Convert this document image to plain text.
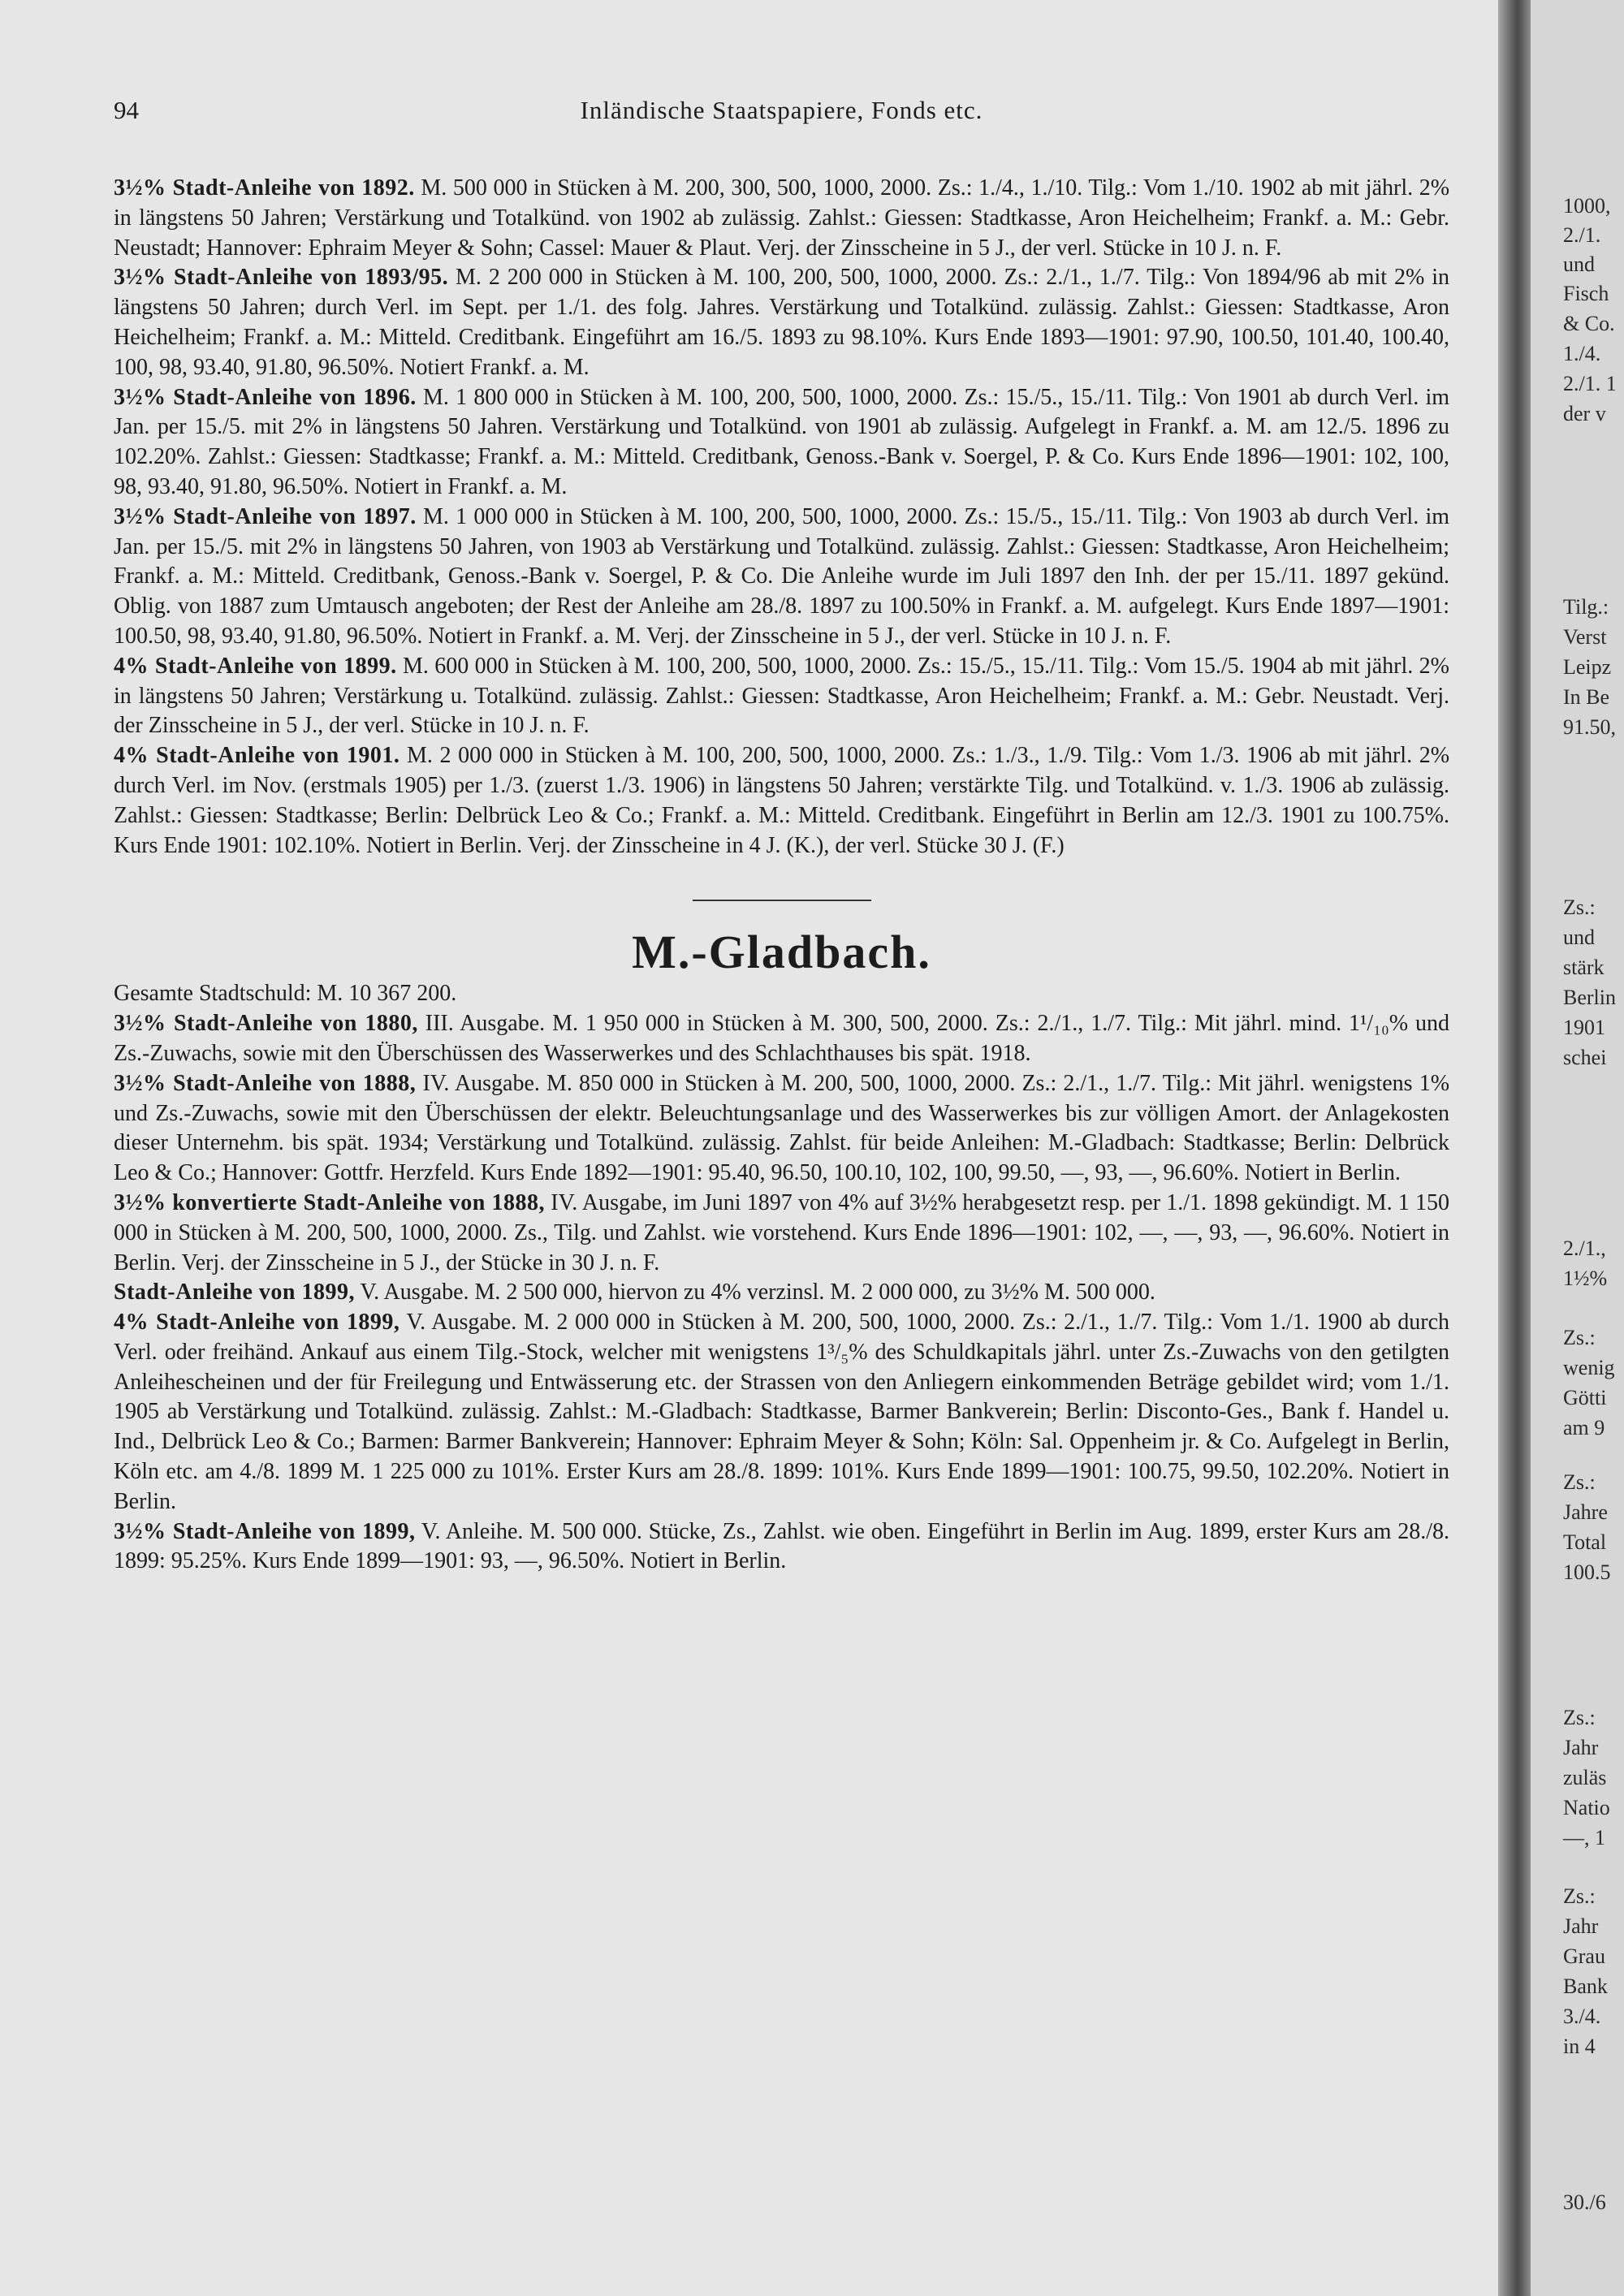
94	Inländische Staatspapiere, Fonds etc.

3½% Stadt-Anleihe von 1892. M. 500 000 in Stücken à M. 200, 300, 500, 1000, 2000. Zs.: 1./4., 1./10. Tilg.: Vom 1./10. 1902 ab mit jährl. 2% in längstens 50 Jahren; Verstärkung und Totalkünd. von 1902 ab zulässig. Zahlst.: Giessen: Stadtkasse, Aron Heichelheim; Frankf. a. M.: Gebr. Neustadt; Hannover: Ephraim Meyer & Sohn; Cassel: Mauer & Plaut. Verj. der Zinsscheine in 5 J., der verl. Stücke in 10 J. n. F.

3½% Stadt-Anleihe von 1893/95. M. 2 200 000 in Stücken à M. 100, 200, 500, 1000, 2000. Zs.: 2./1., 1./7. Tilg.: Von 1894/96 ab mit 2% in längstens 50 Jahren; durch Verl. im Sept. per 1./1. des folg. Jahres. Verstärkung und Totalkünd. zulässig. Zahlst.: Giessen: Stadtkasse, Aron Heichelheim; Frankf. a. M.: Mitteld. Creditbank. Eingeführt am 16./5. 1893 zu 98.10%. Kurs Ende 1893—1901: 97.90, 100.50, 101.40, 100.40, 100, 98, 93.40, 91.80, 96.50%. Notiert Frankf. a. M.

3½% Stadt-Anleihe von 1896. M. 1 800 000 in Stücken à M. 100, 200, 500, 1000, 2000. Zs.: 15./5., 15./11. Tilg.: Von 1901 ab durch Verl. im Jan. per 15./5. mit 2% in längstens 50 Jahren. Verstärkung und Totalkünd. von 1901 ab zulässig. Aufgelegt in Frankf. a. M. am 12./5. 1896 zu 102.20%. Zahlst.: Giessen: Stadtkasse; Frankf. a. M.: Mitteld. Creditbank, Genoss.-Bank v. Soergel, P. & Co. Kurs Ende 1896—1901: 102, 100, 98, 93.40, 91.80, 96.50%. Notiert in Frankf. a. M.

3½% Stadt-Anleihe von 1897. M. 1 000 000 in Stücken à M. 100, 200, 500, 1000, 2000. Zs.: 15./5., 15./11. Tilg.: Von 1903 ab durch Verl. im Jan. per 15./5. mit 2% in längstens 50 Jahren, von 1903 ab Verstärkung und Totalkünd. zulässig. Zahlst.: Giessen: Stadtkasse, Aron Heichelheim; Frankf. a. M.: Mitteld. Creditbank, Genoss.-Bank v. Soergel, P. & Co. Die Anleihe wurde im Juli 1897 den Inh. der per 15./11. 1897 gekünd. Oblig. von 1887 zum Umtausch angeboten; der Rest der Anleihe am 28./8. 1897 zu 100.50% in Frankf. a. M. aufgelegt. Kurs Ende 1897—1901: 100.50, 98, 93.40, 91.80, 96.50%. Notiert in Frankf. a. M. Verj. der Zinsscheine in 5 J., der verl. Stücke in 10 J. n. F.

4% Stadt-Anleihe von 1899. M. 600 000 in Stücken à M. 100, 200, 500, 1000, 2000. Zs.: 15./5., 15./11. Tilg.: Vom 15./5. 1904 ab mit jährl. 2% in längstens 50 Jahren; Verstärkung u. Totalkünd. zulässig. Zahlst.: Giessen: Stadtkasse, Aron Heichelheim; Frankf. a. M.: Gebr. Neustadt. Verj. der Zinsscheine in 5 J., der verl. Stücke in 10 J. n. F.

4% Stadt-Anleihe von 1901. M. 2 000 000 in Stücken à M. 100, 200, 500, 1000, 2000. Zs.: 1./3., 1./9. Tilg.: Vom 1./3. 1906 ab mit jährl. 2% durch Verl. im Nov. (erstmals 1905) per 1./3. (zuerst 1./3. 1906) in längstens 50 Jahren; verstärkte Tilg. und Totalkünd. v. 1./3. 1906 ab zulässig. Zahlst.: Giessen: Stadtkasse; Berlin: Delbrück Leo & Co.; Frankf. a. M.: Mitteld. Creditbank. Eingeführt in Berlin am 12./3. 1901 zu 100.75%. Kurs Ende 1901: 102.10%. Notiert in Berlin. Verj. der Zinsscheine in 4 J. (K.), der verl. Stücke 30 J. (F.)

M.-Gladbach.

Gesamte Stadtschuld: M. 10 367 200.

3½% Stadt-Anleihe von 1880, III. Ausgabe. M. 1 950 000 in Stücken à M. 300, 500, 2000. Zs.: 2./1., 1./7. Tilg.: Mit jährl. mind. 1¹/₁₀% und Zs.-Zuwachs, sowie mit den Überschüssen des Wasserwerkes und des Schlachthauses bis spät. 1918.

3½% Stadt-Anleihe von 1888, IV. Ausgabe. M. 850 000 in Stücken à M. 200, 500, 1000, 2000. Zs.: 2./1., 1./7. Tilg.: Mit jährl. wenigstens 1% und Zs.-Zuwachs, sowie mit den Überschüssen der elektr. Beleuchtungsanlage und des Wasserwerkes bis zur völligen Amort. der Anlagekosten dieser Unternehm. bis spät. 1934; Verstärkung und Totalkünd. zulässig. Zahlst. für beide Anleihen: M.-Gladbach: Stadtkasse; Berlin: Delbrück Leo & Co.; Hannover: Gottfr. Herzfeld. Kurs Ende 1892—1901: 95.40, 96.50, 100.10, 102, 100, 99.50, —, 93, —, 96.60%. Notiert in Berlin.

3½% konvertierte Stadt-Anleihe von 1888, IV. Ausgabe, im Juni 1897 von 4% auf 3½% herabgesetzt resp. per 1./1. 1898 gekündigt. M. 1 150 000 in Stücken à M. 200, 500, 1000, 2000. Zs., Tilg. und Zahlst. wie vorstehend. Kurs Ende 1896—1901: 102, —, —, 93, —, 96.60%. Notiert in Berlin. Verj. der Zinsscheine in 5 J., der Stücke in 30 J. n. F.

Stadt-Anleihe von 1899, V. Ausgabe. M. 2 500 000, hiervon zu 4% verzinsl. M. 2 000 000, zu 3½% M. 500 000.

4% Stadt-Anleihe von 1899, V. Ausgabe. M. 2 000 000 in Stücken à M. 200, 500, 1000, 2000. Zs.: 2./1., 1./7. Tilg.: Vom 1./1. 1900 ab durch Verl. oder freihänd. Ankauf aus einem Tilg.-Stock, welcher mit wenigstens 1³/₅% des Schuldkapitals jährl. unter Zs.-Zuwachs von den getilgten Anleihescheinen und der für Freilegung und Entwässerung etc. der Strassen von den Anliegern einkommenden Beträge gebildet wird; vom 1./1. 1905 ab Verstärkung und Totalkünd. zulässig. Zahlst.: M.-Gladbach: Stadtkasse, Barmer Bankverein; Berlin: Disconto-Ges., Bank f. Handel u. Ind., Delbrück Leo & Co.; Barmen: Barmer Bankverein; Hannover: Ephraim Meyer & Sohn; Köln: Sal. Oppenheim jr. & Co. Aufgelegt in Berlin, Köln etc. am 4./8. 1899 M. 1 225 000 zu 101%. Erster Kurs am 28./8. 1899: 101%. Kurs Ende 1899—1901: 100.75, 99.50, 102.20%. Notiert in Berlin.

3½% Stadt-Anleihe von 1899, V. Anleihe. M. 500 000. Stücke, Zs., Zahlst. wie oben. Eingeführt in Berlin im Aug. 1899, erster Kurs am 28./8. 1899: 95.25%. Kurs Ende 1899—1901: 93, —, 96.50%. Notiert in Berlin.

1000,
2./1.
und
Fisch
& Co.
1./4.
2./1. 1
der v
Tilg.:
Verst
Leipz
In Be
91.50,
Zs.:
und
stärk
Berlin
1901
schei
2./1.,
1½%
Zs.:
wenig
Götti
am 9
Zs.:
Jahre
Total
100.5
Zs.:
Jahr
zuläs
Natio
—, 1
Zs.:
Jahr
Grau
Bank
3./4.
in 4
30./6
